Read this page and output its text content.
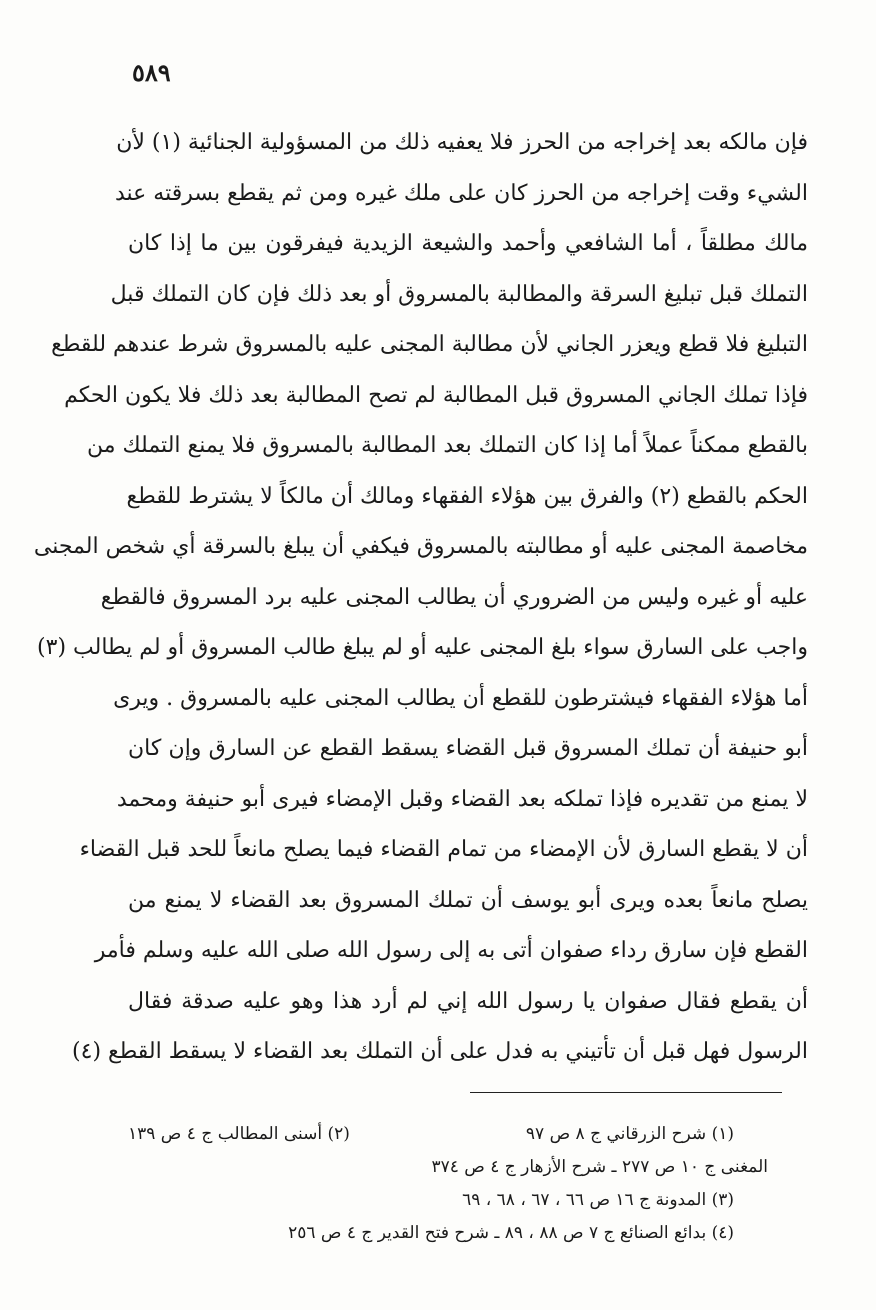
٥٨٩
فإن مالكه بعد إخراجه من الحرز فلا يعفيه ذلك من المسؤولية الجنائية (١) لأن
الشيء وقت إخراجه من الحرز كان على ملك غيره ومن ثم يقطع بسرقته عند
مالك مطلقاً ، أما الشافعي وأحمد والشيعة الزيدية فيفرقون بين ما إذا كان
التملك قبل تبليغ السرقة والمطالبة بالمسروق أو بعد ذلك فإن كان التملك قبل
التبليغ فلا قطع ويعزر الجاني لأن مطالبة المجنى عليه بالمسروق شرط عندهم للقطع
فإذا تملك الجاني المسروق قبل المطالبة لم تصح المطالبة بعد ذلك فلا يكون الحكم
بالقطع ممكناً عملاً أما إذا كان التملك بعد المطالبة بالمسروق فلا يمنع التملك من
الحكم بالقطع (٢) والفرق بين هؤلاء الفقهاء ومالك أن مالكاً لا يشترط للقطع
مخاصمة المجنى عليه أو مطالبته بالمسروق فيكفي أن يبلغ بالسرقة أي شخص المجنى
عليه أو غيره وليس من الضروري أن يطالب المجنى عليه برد المسروق فالقطع
واجب على السارق سواء بلغ المجنى عليه أو لم يبلغ طالب المسروق أو لم يطالب (٣)
أما هؤلاء الفقهاء فيشترطون للقطع أن يطالب المجنى عليه بالمسروق . ويرى
أبو حنيفة أن تملك المسروق قبل القضاء يسقط القطع عن السارق وإن كان
لا يمنع من تقديره فإذا تملكه بعد القضاء وقبل الإمضاء فيرى أبو حنيفة ومحمد
أن لا يقطع السارق لأن الإمضاء من تمام القضاء فيما يصلح مانعاً للحد قبل القضاء
يصلح مانعاً بعده ويرى أبو يوسف أن تملك المسروق بعد القضاء لا يمنع من
القطع فإن سارق رداء صفوان أتى به إلى رسول الله صلى الله عليه وسلم فأمر
أن يقطع فقال صفوان يا رسول الله إني لم أرد هذا وهو عليه صدقة فقال
الرسول فهل قبل أن تأتيني به فدل على أن التملك بعد القضاء لا يسقط القطع (٤)
(١) شرح الزرقاني ج ٨ ص ٩٧
(٢) أسنى المطالب ج ٤ ص ١٣٩
المغنى ج ١٠ ص ٢٧٧ ـ شرح الأزهار ج ٤ ص ٣٧٤
(٣) المدونة ج ١٦ ص ٦٦ ، ٦٧ ، ٦٨ ، ٦٩
(٤) بدائع الصنائع ج ٧ ص ٨٨ ، ٨٩ ـ شرح فتح القدير ج ٤ ص ٢٥٦
